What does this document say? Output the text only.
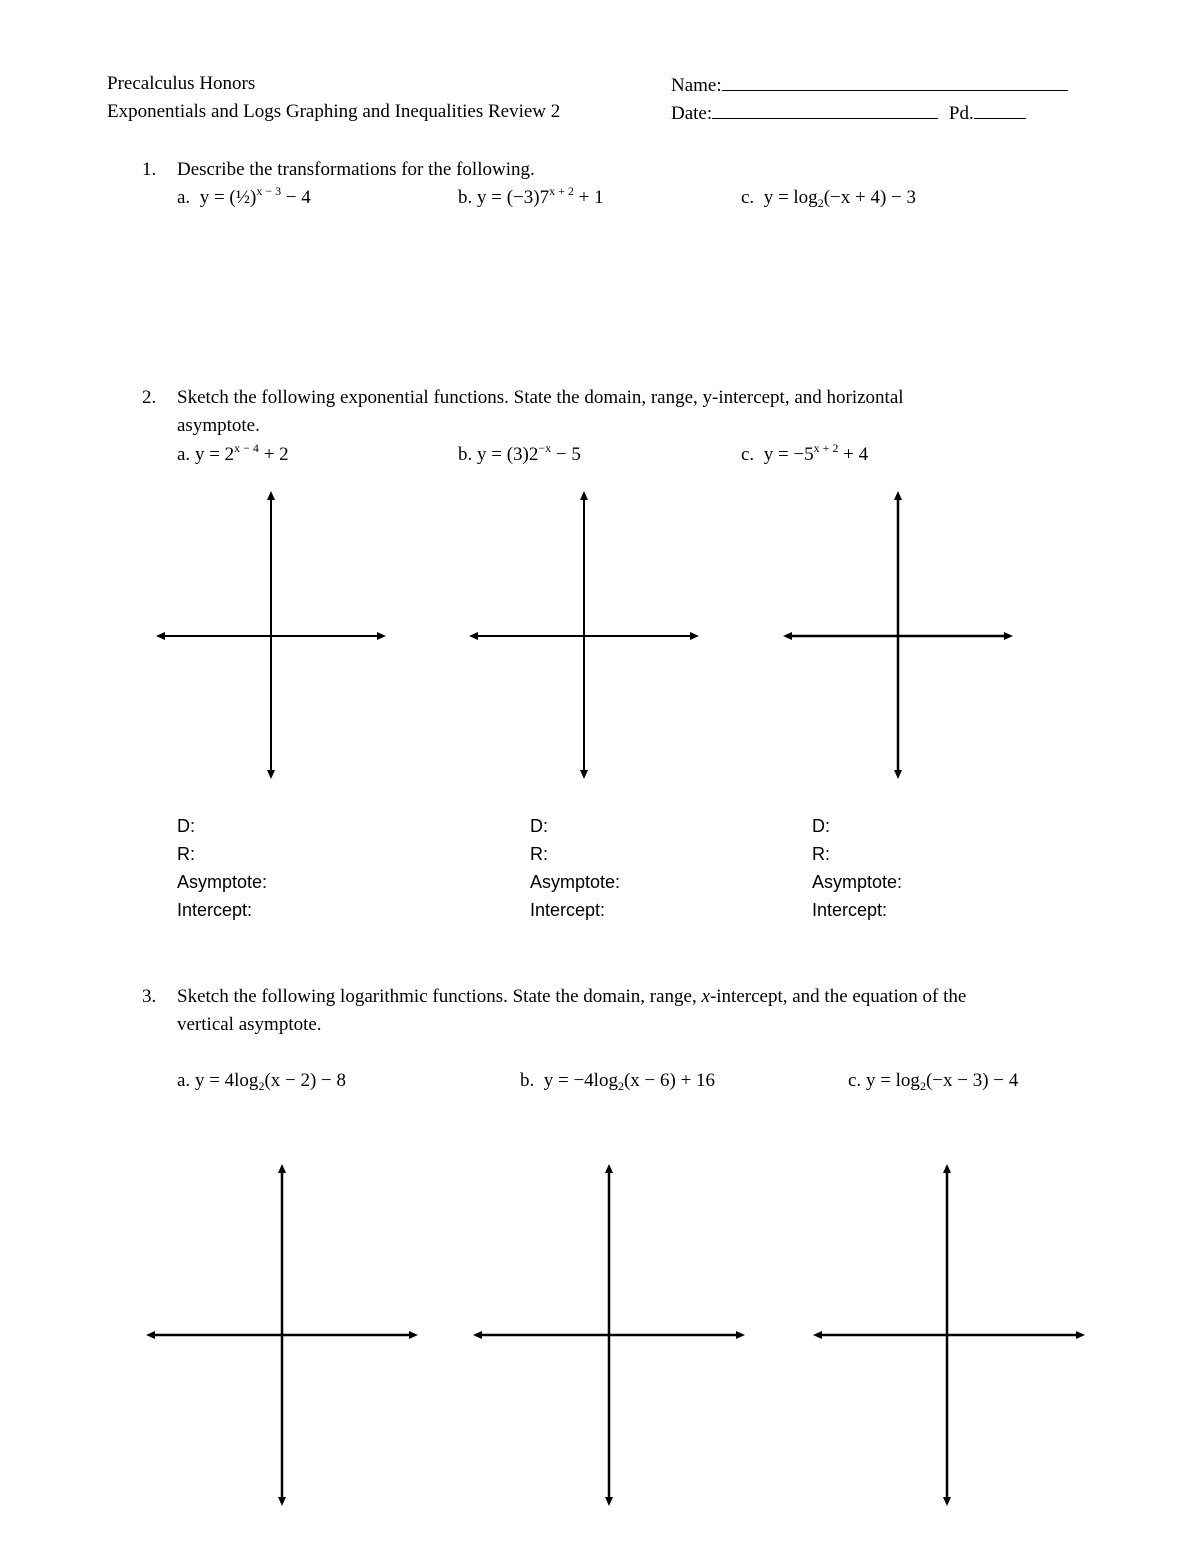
Precalculus Honors
Exponentials and Logs Graphing and Inequalities Review 2
Name:
Date:	Pd.
1. Describe the transformations for the following.
a. y = (½)$^{x - 3}$ − 4	b. $y = (-3)7^{x + 2} + 1$	c. $y = \log_2(-x + 4) - 3$
2. Sketch the following exponential functions. State the domain, range, y-intercept, and horizontal
asymptote.
a. $y = 2^{x - 4} + 2$	b. $y = (3)2^{-x} - 5$	c. $y = -5^{x + 2} + 4$
D:
R:
Asymptote:
Intercept:
D:
R:
Asymptote:
Intercept:
D:
R:
Asymptote:
Intercept:
3. Sketch the following logarithmic functions. State the domain, range, x-intercept, and the equation of the
vertical asymptote.
a. $y = 4\log_2(x - 2) - 8$	b. $y = -4\log_2(x - 6) + 16$	c. $y = \log_2(-x - 3) - 4$
